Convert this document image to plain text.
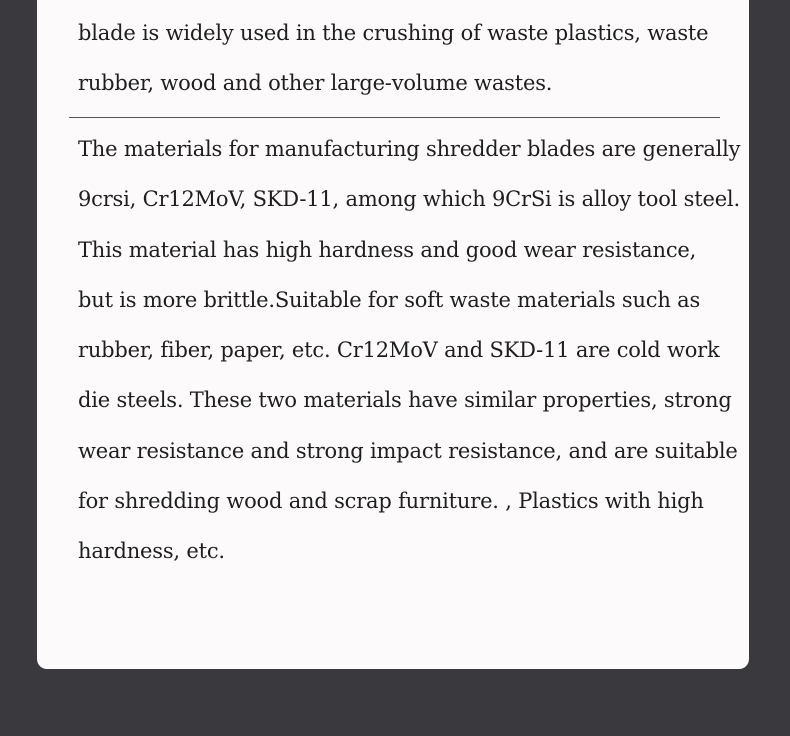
blade is widely used in the crushing of waste plastics, waste
rubber, wood and other large-volume wastes.

The materials for manufacturing shredder blades are generally
9crsi, Cr12MoV, SKD-11, among which 9CrSi is alloy tool steel.
This material has high hardness and good wear resistance,
but is more brittle.Suitable for soft waste materials such as
rubber, fiber, paper, etc. Cr12MoV and SKD-11 are cold work
die steels. These two materials have similar properties, strong
wear resistance and strong impact resistance, and are suitable
for shredding wood and scrap furniture. , Plastics with high
hardness, etc.
